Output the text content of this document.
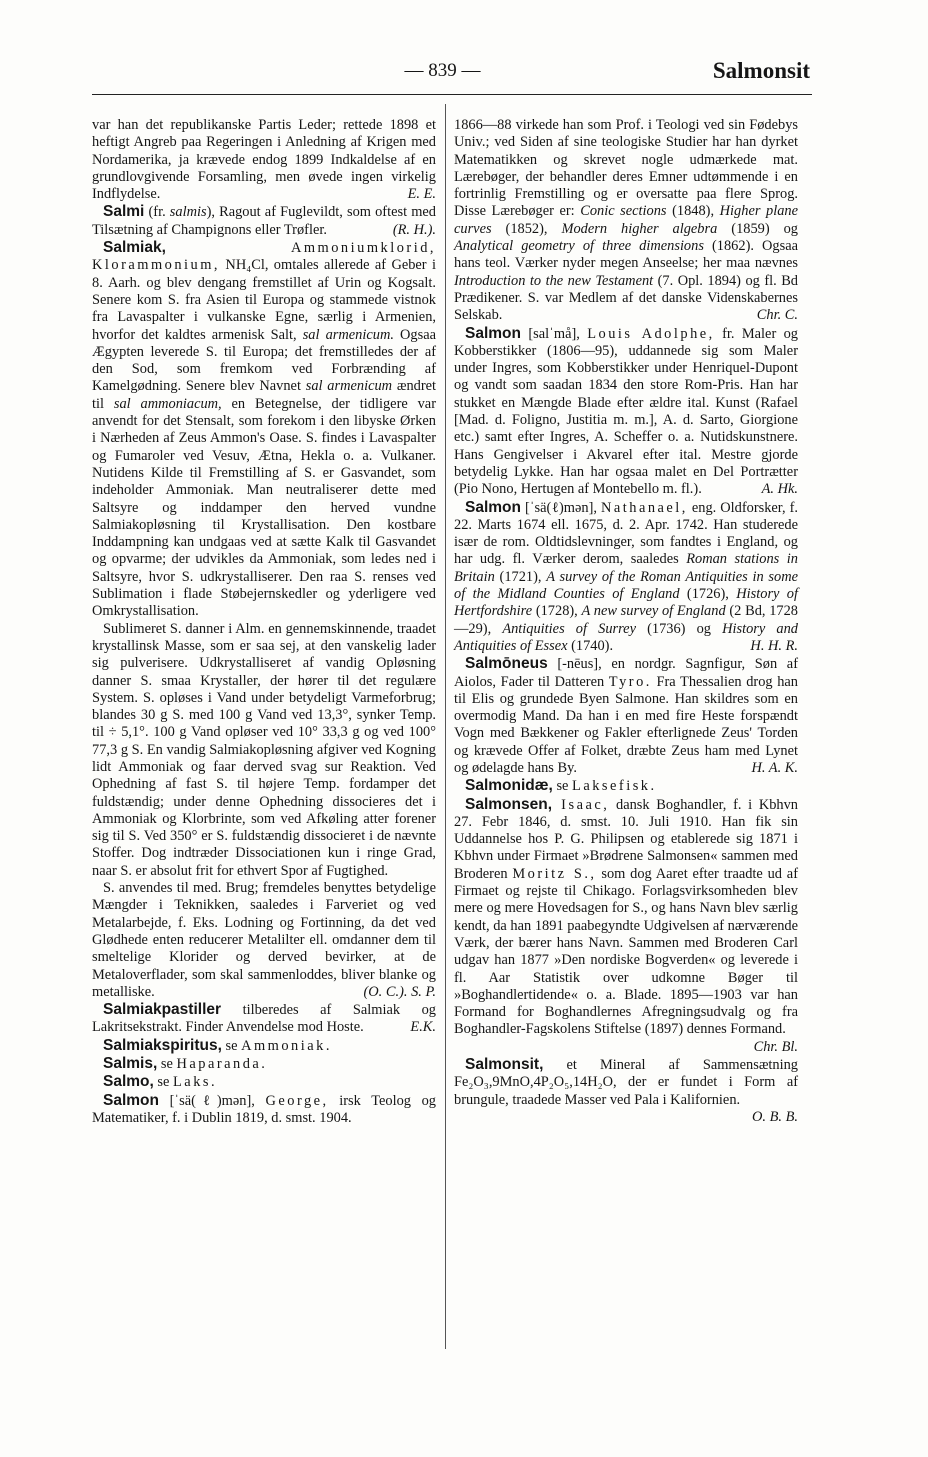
— 839 —	Salmonsit

var han det republikanske Partis Leder; rettede 1898 et heftigt Angreb paa Regeringen i Anledning af Krigen med Nordamerika, ja krævede endog 1899 Indkaldelse af en grundlovgivende Forsamling, men øvede ingen virkelig Indflydelse.	E. E.

Salmi (fr. salmis), Ragout af Fuglevildt, som oftest med Tilsætning af Champignons eller Trøfler.	(R. H.).

Salmiak, Ammoniumklorid, Klorammonium, NH₄Cl, omtales allerede af Geber i 8. Aarh. og blev dengang fremstillet af Urin og Kogsalt. Senere kom S. fra Asien til Europa og stammede vistnok fra Lavaspalter i vulkanske Egne, særlig i Armenien, hvorfor det kaldtes armenisk Salt, sal armenicum. Ogsaa Ægypten leverede S. til Europa; det fremstilledes der af den Sod, som fremkom ved Forbrænding af Kamelgødning. Senere blev Navnet sal armenicum ændret til sal ammoniacum, en Betegnelse, der tidligere var anvendt for det Stensalt, som forekom i den libyske Ørken i Nærheden af Zeus Ammon's Oase. S. findes i Lavaspalter og Fumaroler ved Vesuv, Ætna, Hekla o. a. Vulkaner. Nutidens Kilde til Fremstilling af S. er Gasvandet, som indeholder Ammoniak. Man neutraliserer dette med Saltsyre og inddamper den herved vundne Salmiakopløsning til Krystallisation. Den kostbare Inddampning kan undgaas ved at sætte Kalk til Gasvandet og opvarme; der udvikles da Ammoniak, som ledes ned i Saltsyre, hvor S. udkrystalliserer. Den raa S. renses ved Sublimation i flade Støbejernskedler og yderligere ved Omkrystallisation.

Sublimeret S. danner i Alm. en gennemskinnende, traadet krystallinsk Masse, som er saa sej, at den vanskelig lader sig pulverisere. Udkrystalliseret af vandig Opløsning danner S. smaa Krystaller, der hører til det regulære System. S. opløses i Vand under betydeligt Varmeforbrug; blandes 30 g S. med 100 g Vand ved 13,3°, synker Temp. til ÷ 5,1°. 100 g Vand opløser ved 10° 33,3 g og ved 100° 77,3 g S. En vandig Salmiakopløsning afgiver ved Kogning lidt Ammoniak og faar derved svag sur Reaktion. Ved Ophedning af fast S. til højere Temp. fordamper det fuldstændig; under denne Ophedning dissocieres det i Ammoniak og Klorbrinte, som ved Afkøling atter forener sig til S. Ved 350° er S. fuldstændig dissocieret i de nævnte Stoffer. Dog indtræder Dissociationen kun i ringe Grad, naar S. er absolut frit for ethvert Spor af Fugtighed.

S. anvendes til med. Brug; fremdeles benyttes betydelige Mængder i Teknikken, saaledes i Farveriet og ved Metalarbejde, f. Eks. Lodning og Fortinning, da det ved Glødhede enten reducerer Metalilter ell. omdanner dem til smeltelige Klorider og derved bevirker, at de Metaloverflader, som skal sammenloddes, bliver blanke og metalliske.	(O. C.). S. P.

Salmiakpastiller tilberedes af Salmiak og Lakritsekstrakt. Finder Anvendelse mod Hoste.	E.K.

Salmiakspiritus, se Ammoniak.

Salmis, se Haparanda.

Salmo, se Laks.

Salmon [ˈsä(ℓ)mən], George, irsk Teolog og Matematiker, f. i Dublin 1819, d. smst. 1904.

1866—88 virkede han som Prof. i Teologi ved sin Fødebys Univ.; ved Siden af sine teologiske Studier har han dyrket Matematikken og skrevet nogle udmærkede mat. Lærebøger, der behandler deres Emner udtømmende i en fortrinlig Fremstilling og er oversatte paa flere Sprog. Disse Lærebøger er: Conic sections (1848), Higher plane curves (1852), Modern higher algebra (1859) og Analytical geometry of three dimensions (1862). Ogsaa hans teol. Værker nyder megen Anseelse; her maa nævnes Introduction to the new Testament (7. Opl. 1894) og fl. Bd Prædikener. S. var Medlem af det danske Videnskabernes Selskab.	Chr. C.

Salmon [salˈmå], Louis Adolphe, fr. Maler og Kobberstikker (1806—95), uddannede sig som Maler under Ingres, som Kobberstikker under Henriquel-Dupont og vandt som saadan 1834 den store Rom-Pris. Han har stukket en Mængde Blade efter ældre ital. Kunst (Rafael [Mad. d. Foligno, Justitia m. m.], A. d. Sarto, Giorgione etc.) samt efter Ingres, A. Scheffer o. a. Nutidskunstnere. Hans Gengivelser i Akvarel efter ital. Mestre gjorde betydelig Lykke. Han har ogsaa malet en Del Portrætter (Pio Nono, Hertugen af Montebello m. fl.).	A. Hk.

Salmon [ˈsä(ℓ)mən], Nathanael, eng. Oldforsker, f. 22. Marts 1674 ell. 1675, d. 2. Apr. 1742. Han studerede især de rom. Oldtidslevninger, som fandtes i England, og har udg. fl. Værker derom, saaledes Roman stations in Britain (1721), A survey of the Roman Antiquities in some of the Midland Counties of England (1726), History of Hertfordshire (1728), A new survey of England (2 Bd, 1728—29), Antiquities of Surrey (1736) og History and Antiquities of Essex (1740).	H. H. R.

Salmōneus [-nēus], en nordgr. Sagnfigur, Søn af Aiolos, Fader til Datteren Tyro. Fra Thessalien drog han til Elis og grundede Byen Salmone. Han skildres som en overmodig Mand. Da han i en med fire Heste forspændt Vogn med Bækkener og Fakler efterlignede Zeus' Torden og krævede Offer af Folket, dræbte Zeus ham med Lynet og ødelagde hans By.	H. A. K.

Salmonidæ, se Laksefisk.

Salmonsen, Isaac, dansk Boghandler, f. i Kbhvn 27. Febr 1846, d. smst. 10. Juli 1910. Han fik sin Uddannelse hos P. G. Philipsen og etablerede sig 1871 i Kbhvn under Firmaet »Brødrene Salmonsen« sammen med Broderen Moritz S., som dog Aaret efter traadte ud af Firmaet og rejste til Chikago. Forlagsvirksomheden blev mere og mere Hovedsagen for S., og hans Navn blev særlig kendt, da han 1891 paabegyndte Udgivelsen af nærværende Værk, der bærer hans Navn. Sammen med Broderen Carl udgav han 1877 »Den nordiske Bogverden« og leverede i fl. Aar Statistik over udkomne Bøger til »Boghandlertidende« o. a. Blade. 1895—1903 var han Formand for Boghandlernes Afregningsudvalg og fra Boghandler-Fagskolens Stiftelse (1897) dennes Formand.
Chr. Bl.

Salmonsit, et Mineral af Sammensætning Fe₂O₃,9MnO,4P₂O₅,14H₂O, der er fundet i Form af brungule, traadede Masser ved Pala i Kalifornien.
O. B. B.
